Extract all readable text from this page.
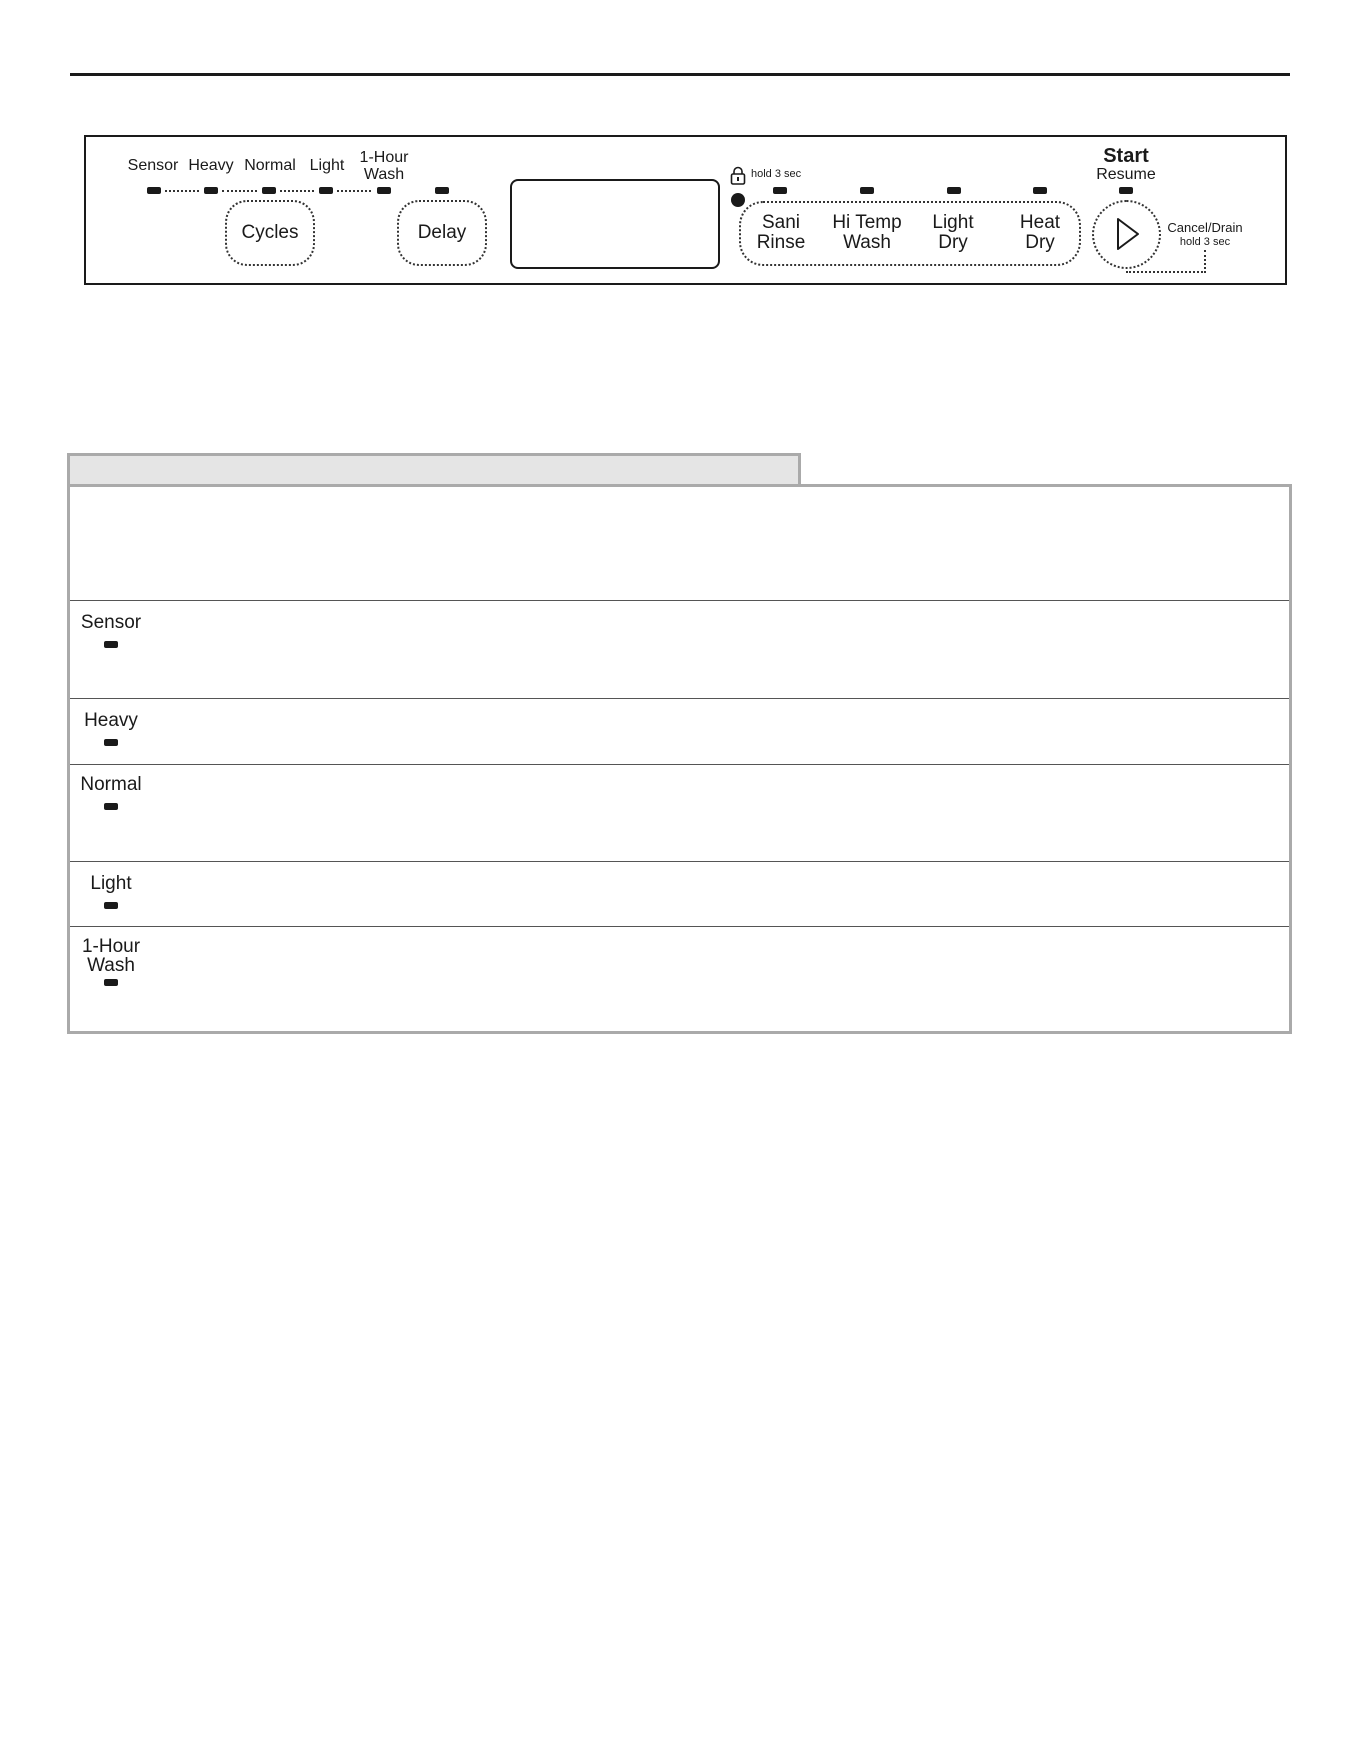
Sensor Heavy Normal Light 1-Hour
Wash
Cycles	Delay
hold 3 sec
Sani
Rinse
Hi Temp
Wash
Light
Dry
Heat
Dry
Start
Resume
Cancel/Drain
hold 3 sec
Sensor
Heavy
Normal
Light
1-Hour
Wash
